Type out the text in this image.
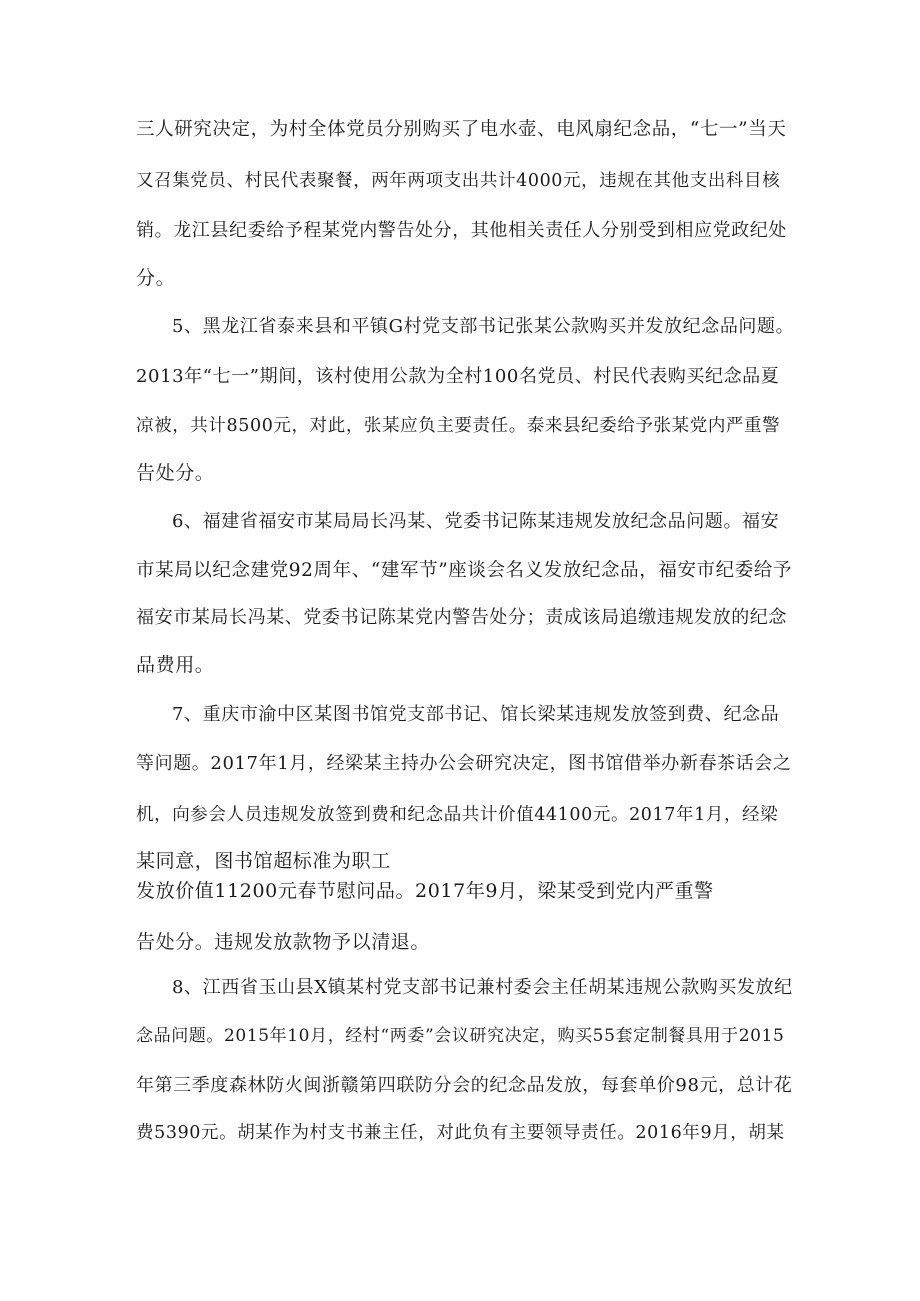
三人研究决定，为村全体党员分别购买了电水壶、电风扇纪念品，“七一”当天
又召集党员、村民代表聚餐，两年两项支出共计4000元，违规在其他支出科目核
销。龙江县纪委给予程某党内警告处分，其他相关责任人分别受到相应党政纪处
分。
5、黑龙江省泰来县和平镇G村党支部书记张某公款购买并发放纪念品问题。
2013年“七一”期间，该村使用公款为全村100名党员、村民代表购买纪念品夏
凉被，共计8500元，对此，张某应负主要责任。泰来县纪委给予张某党内严重警
告处分。
6、福建省福安市某局局长冯某、党委书记陈某违规发放纪念品问题。福安
市某局以纪念建党92周年、“建军节”座谈会名义发放纪念品，福安市纪委给予
福安市某局长冯某、党委书记陈某党内警告处分；责成该局追缴违规发放的纪念
品费用。
7、重庆市渝中区某图书馆党支部书记、馆长梁某违规发放签到费、纪念品
等问题。2017年1月，经梁某主持办公会研究决定，图书馆借举办新春茶话会之
机，向参会人员违规发放签到费和纪念品共计价值44100元。2017年1月，经梁
某同意，图书馆超标准为职工
发放价值11200元春节慰问品。2017年9月，梁某受到党内严重警
告处分。违规发放款物予以清退。
8、江西省玉山县X镇某村党支部书记兼村委会主任胡某违规公款购买发放纪
念品问题。2015年10月，经村“两委”会议研究决定，购买55套定制餐具用于2015
年第三季度森林防火闽浙赣第四联防分会的纪念品发放，每套单价98元，总计花
费5390元。胡某作为村支书兼主任，对此负有主要领导责任。2016年9月，胡某
